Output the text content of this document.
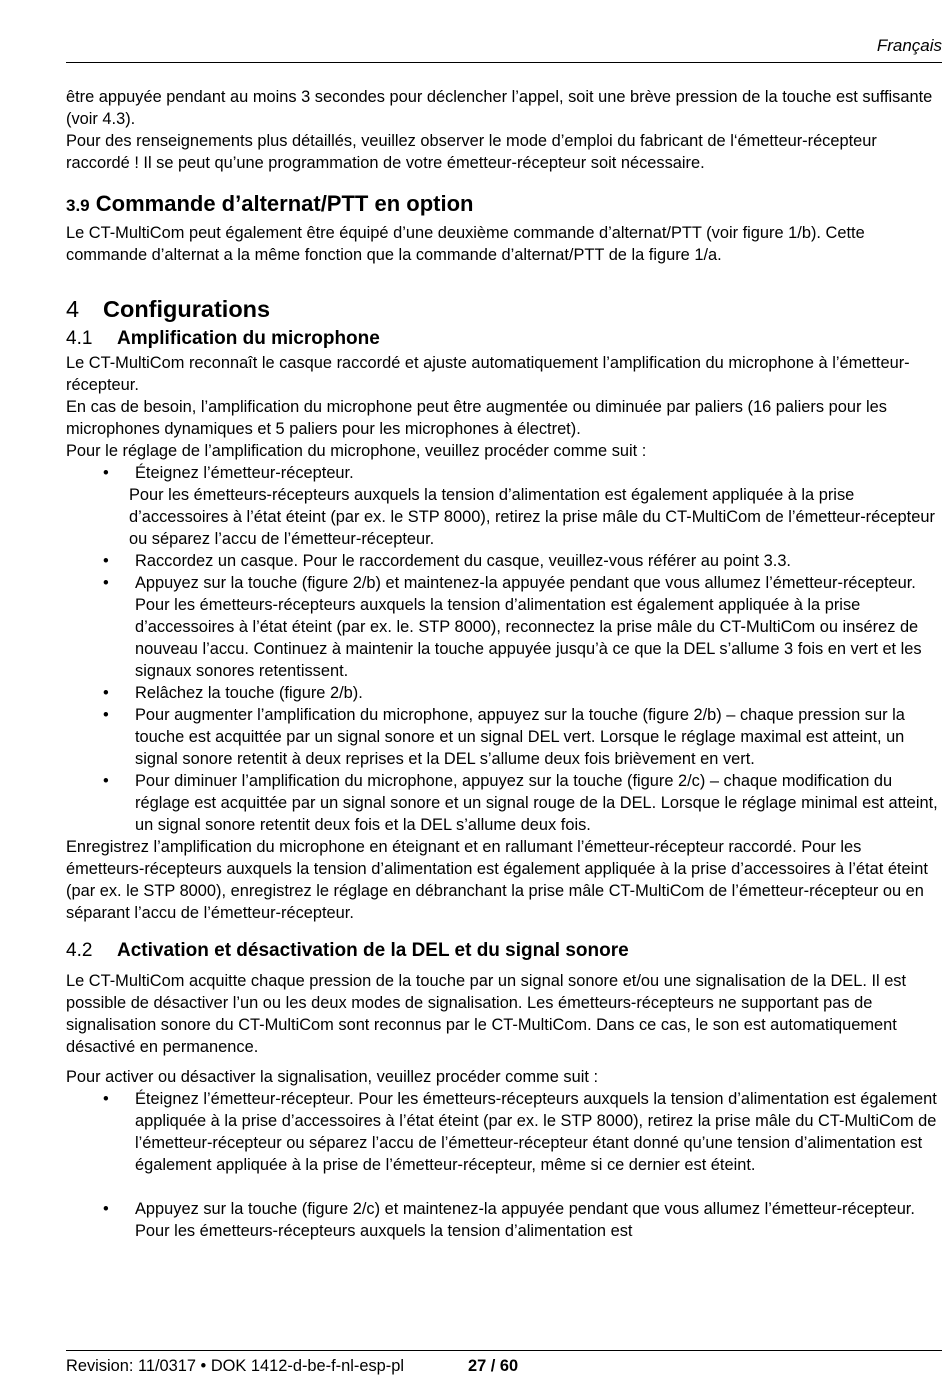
Français

être appuyée pendant au moins 3 secondes pour déclencher l’appel, soit une brève pression de la touche est suffisante (voir 4.3).

Pour des renseignements plus détaillés, veuillez observer le mode d’emploi du fabricant de l‘émetteur-récepteur raccordé ! Il se peut qu’une programmation de votre émetteur-récepteur soit nécessaire.

3.9 Commande d’alternat/PTT en option

Le CT-MultiCom peut également être équipé d’une deuxième commande d’alternat/PTT (voir figure 1/b). Cette commande d’alternat a la même fonction que la commande d’alternat/PTT de la figure 1/a.

4	Configurations
4.1	Amplification du microphone

Le CT-MultiCom reconnaît le casque raccordé et ajuste automatiquement l’amplification du microphone à l’émetteur-récepteur.

En cas de besoin, l’amplification du microphone peut être augmentée ou diminuée par paliers (16 paliers pour les microphones dynamiques et 5 paliers pour les microphones à électret).

Pour le réglage de l’amplification du microphone, veuillez procéder comme suit :

• Éteignez l’émetteur-récepteur.
Pour les émetteurs-récepteurs auxquels la tension d’alimentation est également appliquée à la prise d’accessoires à l’état éteint (par ex. le STP 8000), retirez la prise mâle du CT-MultiCom de l’émetteur-récepteur ou séparez l’accu de l’émetteur-récepteur.
• Raccordez un casque. Pour le raccordement du casque, veuillez-vous référer au point 3.3.
• Appuyez sur la touche (figure 2/b) et maintenez-la appuyée pendant que vous allumez l’émetteur-récepteur. Pour les émetteurs-récepteurs auxquels la tension d’alimentation est également appliquée à la prise d’accessoires à l’état éteint (par ex. le. STP 8000), reconnectez la prise mâle du CT-MultiCom ou insérez de nouveau l’accu. Continuez à maintenir la touche appuyée jusqu’à ce que la DEL s’allume 3 fois en vert et les signaux sonores retentissent.
• Relâchez la touche (figure 2/b).
• Pour augmenter l’amplification du microphone, appuyez sur la touche (figure 2/b) – chaque pression sur la touche est acquittée par un signal sonore et un signal DEL vert. Lorsque le réglage maximal est atteint, un signal sonore retentit à deux reprises et la DEL s’allume deux fois brièvement en vert.
• Pour diminuer l’amplification du microphone, appuyez sur la touche (figure 2/c) – chaque modification du réglage est acquittée par un signal sonore et un signal rouge de la DEL. Lorsque le réglage minimal est atteint, un signal sonore retentit deux fois et la DEL s’allume deux fois.

Enregistrez l’amplification du microphone en éteignant et en rallumant l’émetteur-récepteur raccordé. Pour les émetteurs-récepteurs auxquels la tension d’alimentation est également appliquée à la prise d’accessoires à l’état éteint (par ex. le STP 8000), enregistrez le réglage en débranchant la prise mâle CT-MultiCom de l’émetteur-récepteur ou en séparant l’accu de l’émetteur-récepteur.

4.2	Activation et désactivation de la DEL et du signal sonore

Le CT-MultiCom acquitte chaque pression de la touche par un signal sonore et/ou une signalisation de la DEL. Il est possible de désactiver l’un ou les deux modes de signalisation. Les émetteurs-récepteurs ne supportant pas de signalisation sonore du CT-MultiCom sont reconnus par le CT-MultiCom. Dans ce cas, le son est automatiquement désactivé en permanence.

Pour activer ou désactiver la signalisation, veuillez procéder comme suit :

• Éteignez l’émetteur-récepteur. Pour les émetteurs-récepteurs auxquels la tension d’alimentation est également appliquée à la prise d’accessoires à l’état éteint (par ex. le STP 8000), retirez la prise mâle du CT-MultiCom de l’émetteur-récepteur ou séparez l’accu de l’émetteur-récepteur étant donné qu’une tension d’alimentation est également appliquée à la prise de l’émetteur-récepteur, même si ce dernier est éteint.
• Appuyez sur la touche (figure 2/c) et maintenez-la appuyée pendant que vous allumez l’émetteur-récepteur. Pour les émetteurs-récepteurs auxquels la tension d’alimentation est
Revision: 11/0317 • DOK 1412-d-be-f-nl-esp-pl	27 / 60
